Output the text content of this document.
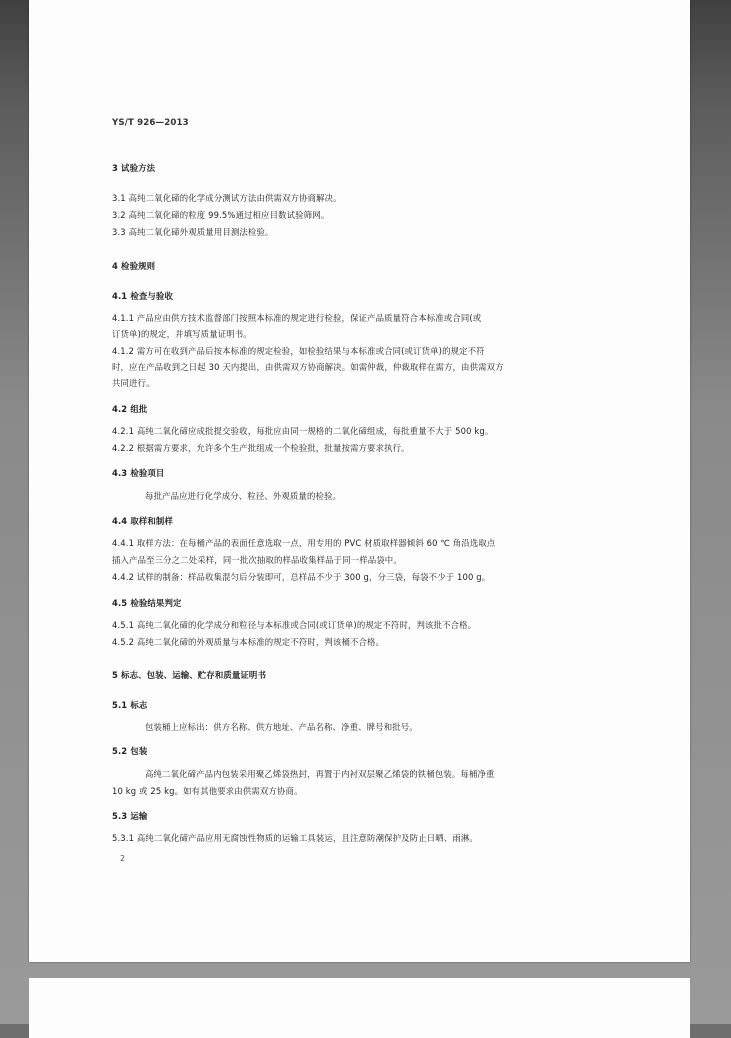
YS/T 926—2013
3 试验方法
3.1 高纯二氧化碲的化学成分测试方法由供需双方协商解决。
3.2 高纯二氧化碲的粒度 99.5%通过相应目数试验筛网。
3.3 高纯二氧化碲外观质量用目测法检验。
4 检验规则
4.1 检查与验收
4.1.1 产品应由供方技术监督部门按照本标准的规定进行检验，保证产品质量符合本标准或合同(或
订货单)的规定，并填写质量证明书。
4.1.2 需方可在收到产品后按本标准的规定检验，如检验结果与本标准或合同(或订货单)的规定不符
时，应在产品收到之日起 30 天内提出，由供需双方协商解决。如需仲裁，仲裁取样在需方，由供需双方
共同进行。
4.2 组批
4.2.1 高纯二氧化碲应成批提交验收，每批应由同一规格的二氧化碲组成，每批重量不大于 500 kg。
4.2.2 根据需方要求，允许多个生产批组成一个检验批，批量按需方要求执行。
4.3 检验项目
每批产品应进行化学成分、粒径、外观质量的检验。
4.4 取样和制样
4.4.1 取样方法：在每桶产品的表面任意选取一点，用专用的 PVC 材质取样器倾斜 60 ℃ 角沿选取点
插入产品至三分之二处采样，同一批次抽取的样品收集样品于同一样品袋中。
4.4.2 试样的制备：样品收集混匀后分装即可，总样品不少于 300 g，分三袋，每袋不少于 100 g。
4.5 检验结果判定
4.5.1 高纯二氧化碲的化学成分和粒径与本标准或合同(或订货单)的规定不符时，判该批不合格。
4.5.2 高纯二氧化碲的外观质量与本标准的规定不符时，判该桶不合格。
5 标志、包装、运输、贮存和质量证明书
5.1 标志
包装桶上应标出：供方名称、供方地址、产品名称、净重、牌号和批号。
5.2 包装
高纯二氧化碲产品内包装采用聚乙烯袋热封，再置于内衬双层聚乙烯袋的铁桶包装。每桶净重
10 kg 或 25 kg。如有其他要求由供需双方协商。
5.3 运输
5.3.1 高纯二氧化碲产品应用无腐蚀性物质的运输工具装运，且注意防潮保护及防止日晒、雨淋。
2
